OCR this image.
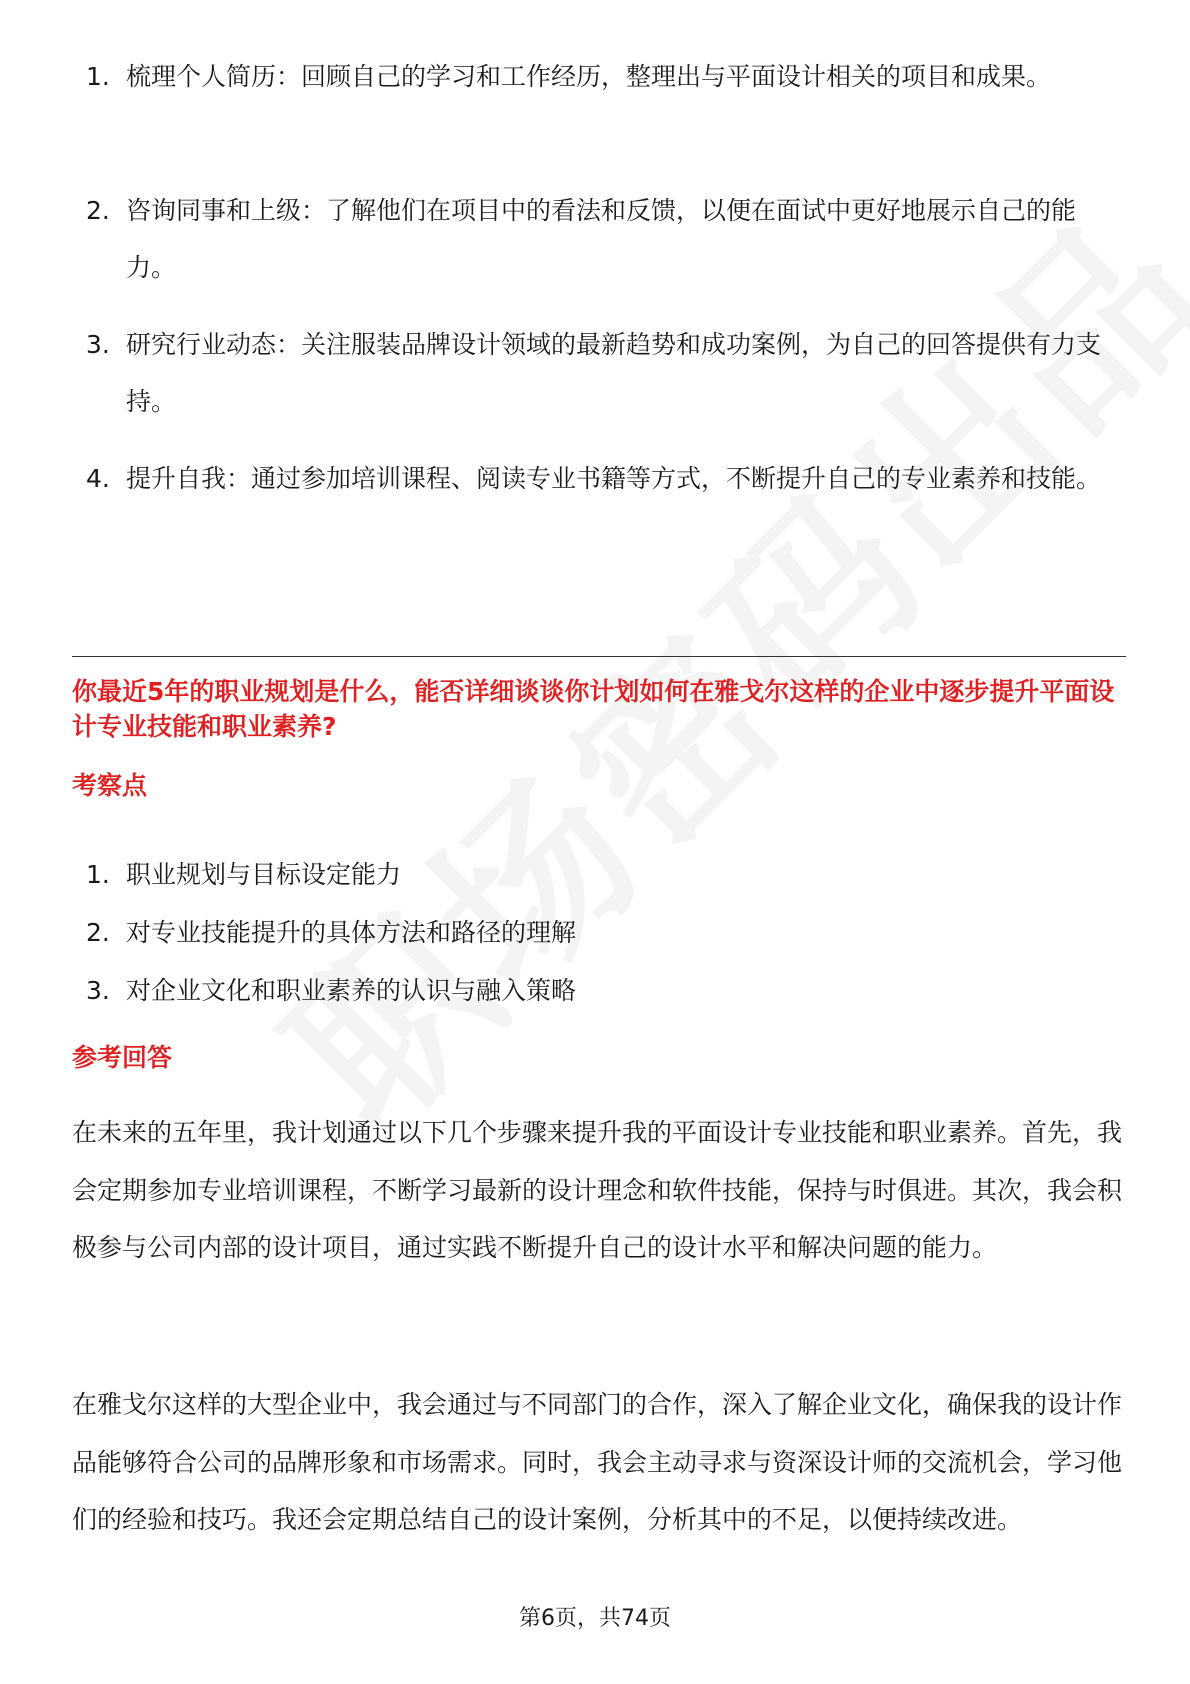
1. 梳理个人简历：回顾自己的学习和工作经历，整理出与平面设计相关的项目和成果。
2. 咨询同事和上级：了解他们在项目中的看法和反馈，以便在面试中更好地展示自己的能力。
3. 研究行业动态：关注服装品牌设计领域的最新趋势和成功案例，为自己的回答提供有力支持。
4. 提升自我：通过参加培训课程、阅读专业书籍等方式，不断提升自己的专业素养和技能。
你最近5年的职业规划是什么，能否详细谈谈你计划如何在雅戈尔这样的企业中逐步提升平面设计专业技能和职业素养?
考察点
1. 职业规划与目标设定能力
2. 对专业技能提升的具体方法和路径的理解
3. 对企业文化和职业素养的认识与融入策略
参考回答
在未来的五年里，我计划通过以下几个步骤来提升我的平面设计专业技能和职业素养。首先，我会定期参加专业培训课程，不断学习最新的设计理念和软件技能，保持与时俱进。其次，我会积极参与公司内部的设计项目，通过实践不断提升自己的设计水平和解决问题的能力。
在雅戈尔这样的大型企业中，我会通过与不同部门的合作，深入了解企业文化，确保我的设计作品能够符合公司的品牌形象和市场需求。同时，我会主动寻求与资深设计师的交流机会，学习他们的经验和技巧。我还会定期总结自己的设计案例，分析其中的不足，以便持续改进。
第6页，共74页
